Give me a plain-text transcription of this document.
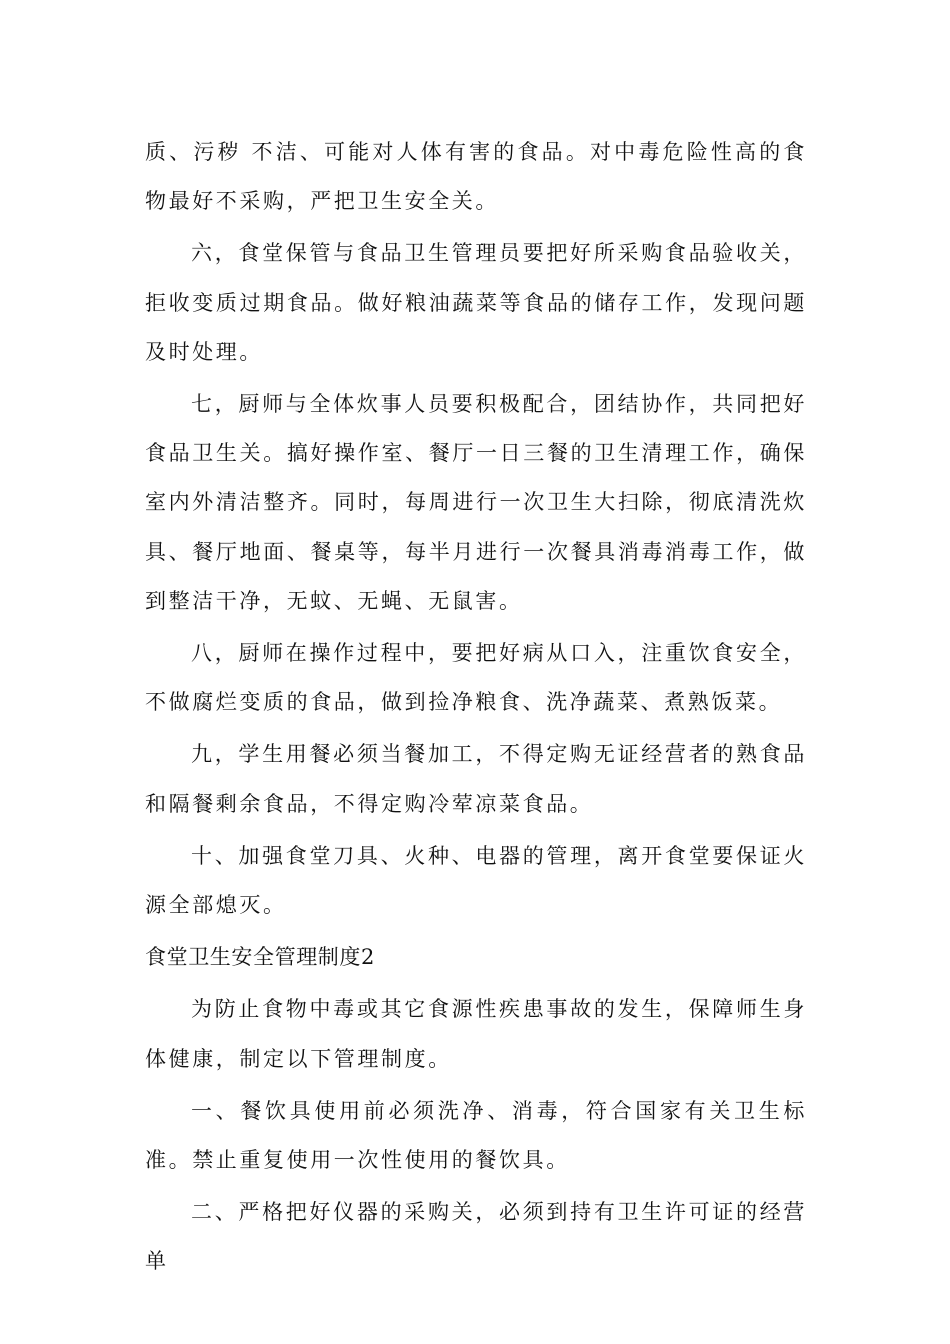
质、污秽 不洁、可能对人体有害的食品。对中毒危险性高的食物最好不采购，严把卫生安全关。

六，食堂保管与食品卫生管理员要把好所采购食品验收关，拒收变质过期食品。做好粮油蔬菜等食品的储存工作，发现问题及时处理。

七，厨师与全体炊事人员要积极配合，团结协作，共同把好食品卫生关。搞好操作室、餐厅一日三餐的卫生清理工作，确保室内外清洁整齐。同时，每周进行一次卫生大扫除，彻底清洗炊具、餐厅地面、餐桌等，每半月进行一次餐具消毒消毒工作，做到整洁干净，无蚊、无蝇、无鼠害。

八，厨师在操作过程中，要把好病从口入，注重饮食安全，不做腐烂变质的食品，做到捡净粮食、洗净蔬菜、煮熟饭菜。

九，学生用餐必须当餐加工，不得定购无证经营者的熟食品和隔餐剩余食品，不得定购冷荤凉菜食品。

十、加强食堂刀具、火种、电器的管理，离开食堂要保证火源全部熄灭。

食堂卫生安全管理制度2

为防止食物中毒或其它食源性疾患事故的发生，保障师生身体健康，制定以下管理制度。

一、餐饮具使用前必须洗净、消毒，符合国家有关卫生标准。禁止重复使用一次性使用的餐饮具。

二、严格把好仪器的采购关，必须到持有卫生许可证的经营单
